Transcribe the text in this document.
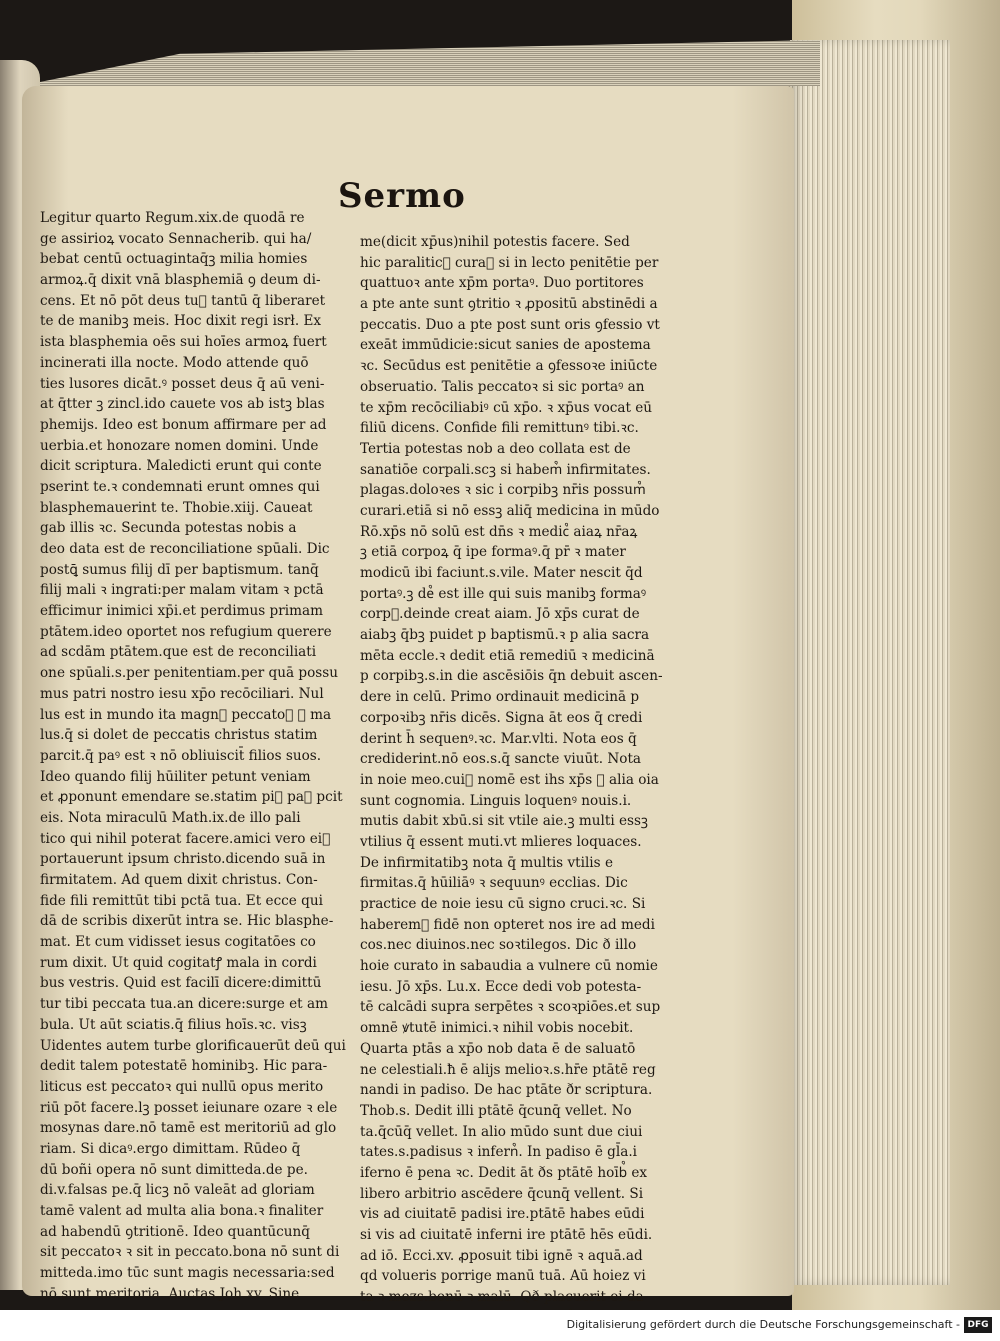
Sermo
Legitur quarto Regum.xix.de quodā re
ge assirioꝝ vocato Sennacherib. qui ha/
bebat centū octuagintaq̄ꝫ milia homies
armoꝝ.q̄ dixit vnā blasphemiā ꝯ deum di-
cens. Et nō pōt deus tu᷒ tantū q̄ liberaret
te de manibꝫ meis. Hoc dixit regi isrł. Ex
ista blasphemia oēs sui hoīes armoꝝ fuert
incinerati illa nocte. Modo attende quō
ties lusores dicāt.ꝰ posset deus q̄ aū veni-
at q̄tter ꝫ zincl.ido cauete vos ab istꝫ blas
phemijs. Ideo est bonum affirmare per ad
uerbia.et honozare nomen domini. Unde
dicit scriptura. Maledicti erunt qui conte
pserint te.ꝛ condemnati erunt omnes qui
blasphemauerint te. Thobie.xiij. Caueat
gab illis ꝛc. Secunda potestas nobis a
deo data est de reconciliatione spūali. Dic
postꝗ̄ sumus filij dī per baptismum. tanq̄
filij mali ꝛ ingrati:per malam vitam ꝛ pctā
efficimur inimici xp̄i.et perdimus primam
ptātem.ideo oportet nos refugium querere
ad scdām ptātem.que est de reconciliati
one spūali.s.per penitentiam.per quā possu
mus patri nostro iesu xp̄o recōciliari. Nul
lus est in mundo ita magn᷒ peccatoꝛ ꝛ ma
lus.q̄ si dolet de peccatis christus statim
parcit.q̄ paꝰ est ꝛ nō obliuiscit̄ filios suos.
Ideo quando filij hūiliter petunt veniam
et ꝓponunt emendare se.statim pi᷒ paꝰ pcit
eis. Nota miraculū Math.ix.de illo pali
tico qui nihil poterat facere.amici vero ei᷒
portauerunt ipsum christo.dicendo suā in
firmitatem. Ad quem dixit christus. Con-
fide fili remittūt tibi pctā tua. Et ecce qui
dā de scribis dixerūt intra se. Hic blasphe-
mat. Et cum vidisset iesus cogitatōes co
rum dixit. Ut quid cogitatꝭ mala in cordi
bus vestris. Quid est facilī dicere:dimittū
tur tibi peccata tua.an dicere:surge et am
bula. Ut aūt sciatis.q̄ filius hoīs.ꝛc. visꝫ
Uidentes autem turbe glorificauerūt deū qui
dedit talem potestatē hominibꝫ. Hic para-
liticus est peccatoꝛ qui nullū opus merito
riū pōt facere.lꝫ posset ieiunare ozare ꝛ ele
mosynas dare.nō tamē est meritoriū ad glo
riam. Si dicaꝰ.ergo dimittam. Rūdeo q̄
dū boñi opera nō sunt dimitteda.de pe.
di.v.falsas pe.q̄ licꝫ nō valeāt ad gloriam
tamē valent ad multa alia bona.ꝛ finaliter
ad habendū ꝯtritionē. Ideo quantūcunq̄
sit peccatoꝛ ꝛ sit in peccato.bona nō sunt di
mitteda.imo tūc sunt magis necessaria:sed
nō sunt meritoria. Auctas Joh.xv. Sine
me(dicit xp̄us)nihil potestis facere. Sed
hic paralitic᷒ curaꝰ si in lecto penitētie per
quattuoꝛ ante xp̄m portaꝰ. Duo portitores
a pte ante sunt ꝯtritio ꝛ ꝓpositū abstinēdi a
peccatis. Duo a pte post sunt oris ꝯfessio vt
exeāt immūdicie:sicut sanies de apostema
ꝛc. Secūdus est penitētie a ꝯfessoꝛe iniūcte
obseruatio. Talis peccatoꝛ si sic portaꝰ an
te xp̄m recōciliabiꝰ cū xp̄o. ꝛ xp̄us vocat eū
filiū dicens. Confide fili remittunꝰ tibi.ꝛc.
Tertia potestas nob a deo collata est de
sanatiōe corpali.scꝫ si habem᷒ infirmitates.
plagas.doloꝛes ꝛ sic i corpibꝫ nr̄is possum᷒
curari.etiā si nō essꝫ aliq̄ medicina in mūdo
Rō.xp̄s nō solū est dn̄s ꝛ medic᷒ aiaꝝ nr̄aꝝ
ꝫ etiā corpoꝝ q̄ ipe formaꝰ.q̄ pr̄ ꝛ mater
modicū ibi faciunt.s.vile. Mater nescit q̄d
portaꝰ.ꝫ de᷒ est ille qui suis manibꝫ formaꝰ
corp᷒.deinde creat aiam. Jō xp̄s curat de
aiabꝫ q̄bꝫ puidet p baptismū.ꝛ p alia sacra
mēta eccle.ꝛ dedit etiā remediū ꝛ medicinā
p corpibꝫ.s.in die ascēsiōis q̄n debuit ascen-
dere in celū. Primo ordinauit medicinā p
corpoꝛibꝫ nr̄is dicēs. Signa āt eos q̄ credi
derint h̄ sequenꝰ.ꝛc. Mar.vlti. Nota eos q̄
crediderint.nō eos.s.q̄ sancte viuūt. Nota
in noie meo.cui᷒ nomē est ihs xp̄s ꝛ alia oia
sunt cognomia. Linguis loquenꝰ nouis.i.
mutis dabit xbū.si sit vtile aie.ꝫ multi essꝫ
vtilius q̄ essent muti.vt mlieres loquaces.
De infirmitatibꝫ nota q̄ multis vtilis e
firmitas.q̄ hūiliāꝰ ꝛ sequunꝰ ecclias. Dic
practice de noie iesu cū signo cruci.ꝛc. Si
haberem᷒ fidē non opteret nos ire ad medi
cos.nec diuinos.nec soꝛtilegos. Dic ð illo
hoie curato in sabaudia a vulnere cū nomie
iesu. Jō xp̄s. Lu.x. Ecce dedi vob potesta-
tē calcādi supra serpētes ꝛ scoꝛpiōes.et sup
omnē ꝟtutē inimici.ꝛ nihil vobis nocebit.
Quarta ptās a xp̄o nob data ē de saluatō
ne celestiali.ħ ē alijs melioꝛ.s.hr̄e ptātē reg
nandi in padiso. De hac ptāte ðr scriptura.
Thob.s. Dedit illi ptātē q̄cunq̄ vellet. No
ta.q̄cūq̄ vellet. In alio mūdo sunt due ciui
tates.s.padisus ꝛ infern᷒. In padiso ē gl̄a.i
iferno ē pena ꝛc. Dedit āt ðs ptātē hoīb᷒ ex
libero arbitrio ascēdere q̄cunq̄ vellent. Si
vis ad ciuitatē padisi ire.ptātē habes eūdi
si vis ad ciuitatē inferni ire ptātē hēs eūdi.
ad iō. Ecci.xv. ꝓposuit tibi ignē ꝛ aquā.ad
qd volueris porrige manū tuā. Aū hoiez vi
ta ꝛ mozs.bonū ꝛ malū. Qð placuerit ei da
Digitalisierung gefördert durch die Deutsche Forschungsgemeinschaft - DFG
